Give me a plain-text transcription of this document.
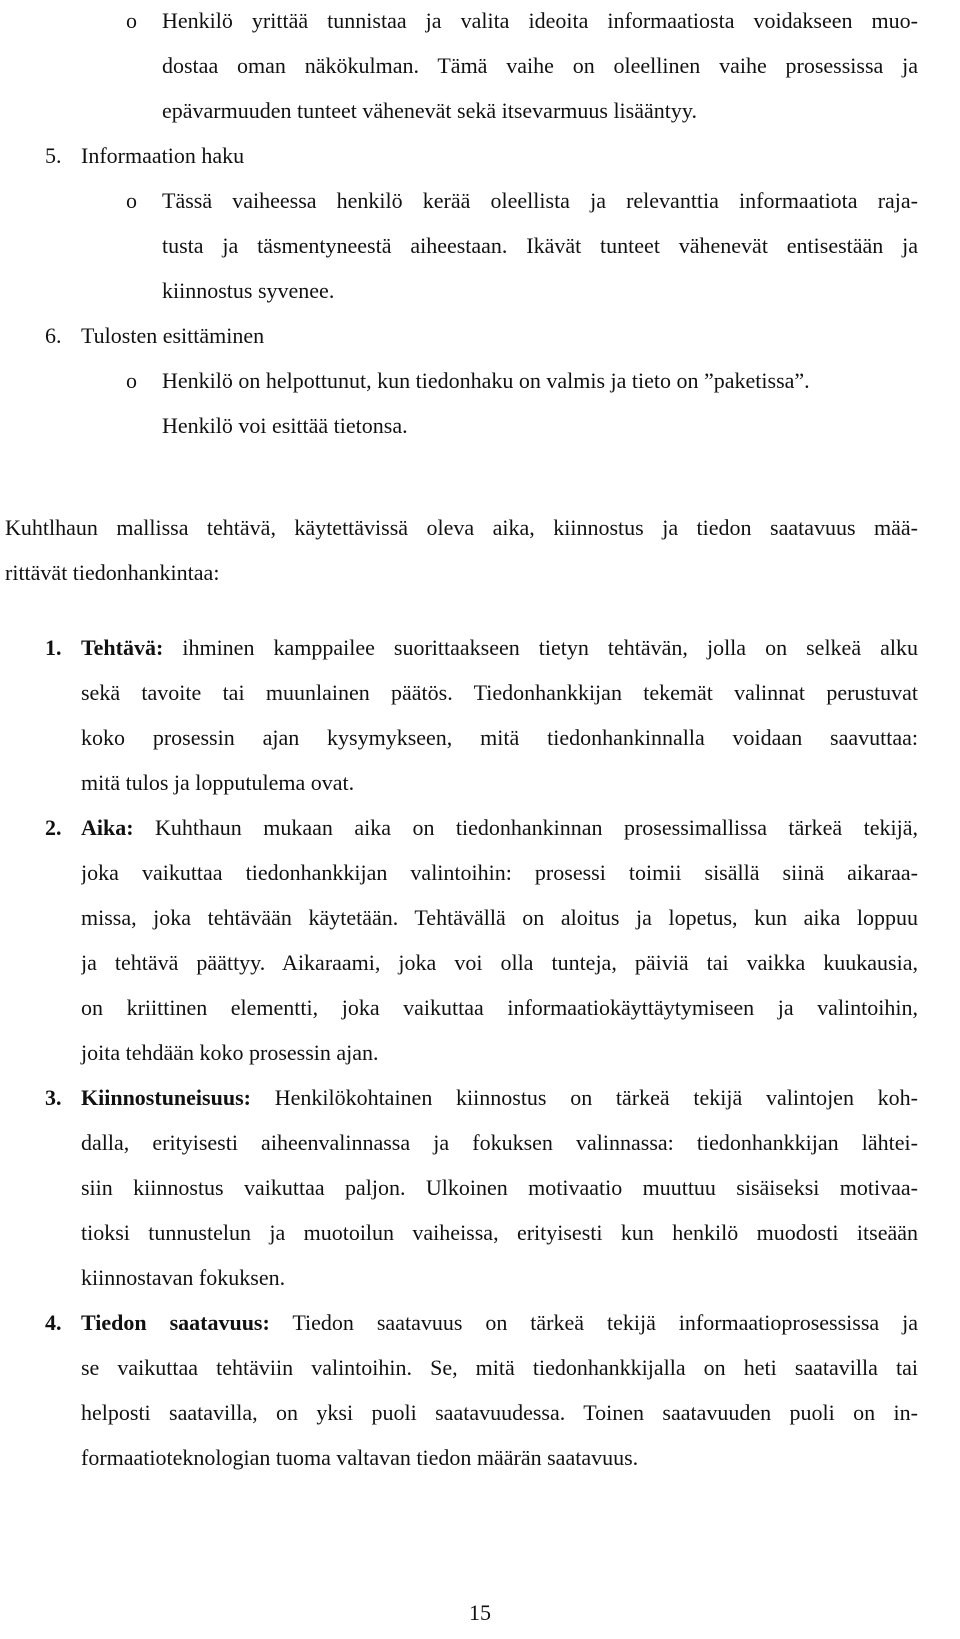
o Henkilö yrittää tunnistaa ja valita ideoita informaatiosta voidakseen muo-

dostaa oman näkökulman. Tämä vaihe on oleellinen vaihe prosessissa ja

epävarmuuden tunteet vähenevät sekä itsevarmuus lisääntyy.

5. Informaation haku

o Tässä vaiheessa henkilö kerää oleellista ja relevanttia informaatiota raja-

tusta ja täsmentyneestä aiheestaan. Ikävät tunteet vähenevät entisestään ja

kiinnostus syvenee.

6. Tulosten esittäminen

o Henkilö on helpottunut, kun tiedonhaku on valmis ja tieto on ”paketissa”.

Henkilö voi esittää tietonsa.

Kuhtlhaun mallissa tehtävä, käytettävissä oleva aika, kiinnostus ja tiedon saatavuus mää-

rittävät tiedonhankintaa:

1. Tehtävä: ihminen kamppailee suorittaakseen tietyn tehtävän, jolla on selkeä alku

sekä tavoite tai muunlainen päätös. Tiedonhankkijan tekemät valinnat perustuvat

koko prosessin ajan kysymykseen, mitä tiedonhankinnalla voidaan saavuttaa:

mitä tulos ja lopputulema ovat.

2. Aika: Kuhthaun mukaan aika on tiedonhankinnan prosessimallissa tärkeä tekijä,

joka vaikuttaa tiedonhankkijan valintoihin: prosessi toimii sisällä siinä aikaraa-

missa, joka tehtävään käytetään. Tehtävällä on aloitus ja lopetus, kun aika loppuu

ja tehtävä päättyy. Aikaraami, joka voi olla tunteja, päiviä tai vaikka kuukausia,

on kriittinen elementti, joka vaikuttaa informaatiokäyttäytymiseen ja valintoihin,

joita tehdään koko prosessin ajan.

3. Kiinnostuneisuus: Henkilökohtainen kiinnostus on tärkeä tekijä valintojen koh-

dalla, erityisesti aiheenvalinnassa ja fokuksen valinnassa: tiedonhankkijan lähtei-

siin kiinnostus vaikuttaa paljon. Ulkoinen motivaatio muuttuu sisäiseksi motivaa-

tioksi tunnustelun ja muotoilun vaiheissa, erityisesti kun henkilö muodosti itseään

kiinnostavan fokuksen.

4. Tiedon saatavuus: Tiedon saatavuus on tärkeä tekijä informaatioprosessissa ja

se vaikuttaa tehtäviin valintoihin. Se, mitä tiedonhankkijalla on heti saatavilla tai

helposti saatavilla, on yksi puoli saatavuudessa. Toinen saatavuuden puoli on in-

formaatioteknologian tuoma valtavan tiedon määrän saatavuus.

15
